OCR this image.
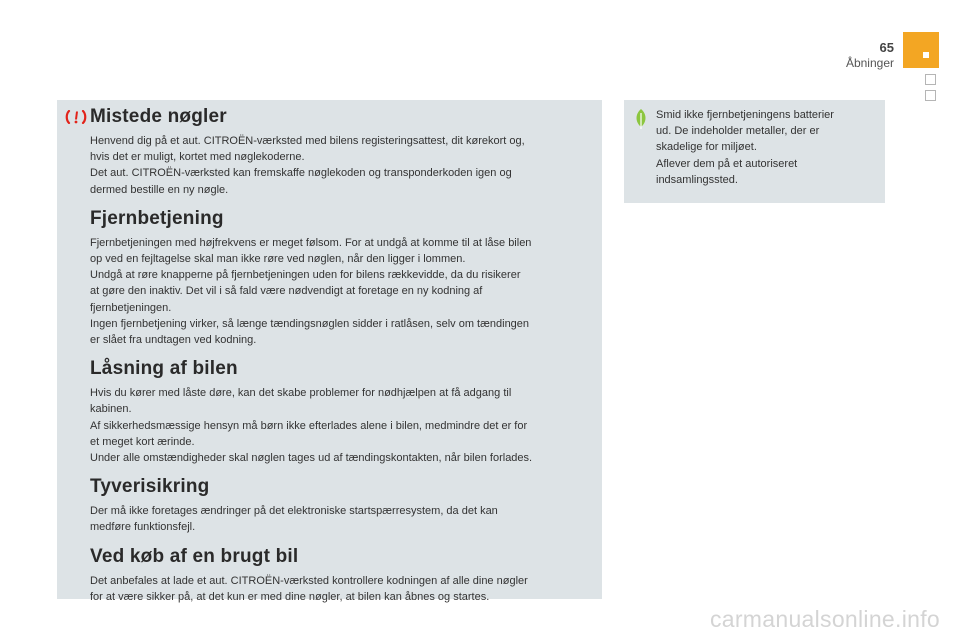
65
Åbninger
Mistede nøgler
Henvend dig på et aut. CITROËN-værksted med bilens registeringsattest, dit kørekort og,
hvis det er muligt, kortet med nøglekoderne.
Det aut. CITROËN-værksted kan fremskaffe nøglekoden og transponderkoden igen og
dermed bestille en ny nøgle.
Fjernbetjening
Fjernbetjeningen med højfrekvens er meget følsom. For at undgå at komme til at låse bilen
op ved en fejltagelse skal man ikke røre ved nøglen, når den ligger i lommen.
Undgå at røre knapperne på fjernbetjeningen uden for bilens rækkevidde, da du risikerer
at gøre den inaktiv. Det vil i så fald være nødvendigt at foretage en ny kodning af
fjernbetjeningen.
Ingen fjernbetjening virker, så længe tændingsnøglen sidder i ratlåsen, selv om tændingen
er slået fra undtagen ved kodning.
Låsning af bilen
Hvis du kører med låste døre, kan det skabe problemer for nødhjælpen at få adgang til
kabinen.
Af sikkerhedsmæssige hensyn må børn ikke efterlades alene i bilen, medmindre det er for
et meget kort ærinde.
Under alle omstændigheder skal nøglen tages ud af tændingskontakten, når bilen forlades.
Tyverisikring
Der må ikke foretages ændringer på det elektroniske startspærresystem, da det kan
medføre funktionsfejl.
Ved køb af en brugt bil
Det anbefales at lade et aut. CITROËN-værksted kontrollere kodningen af alle dine nøgler
for at være sikker på, at det kun er med dine nøgler, at bilen kan åbnes og startes.
Smid ikke fjernbetjeningens batterier
ud. De indeholder metaller, der er
skadelige for miljøet.
Aflever dem på et autoriseret
indsamlingssted.
carmanualsonline.info
